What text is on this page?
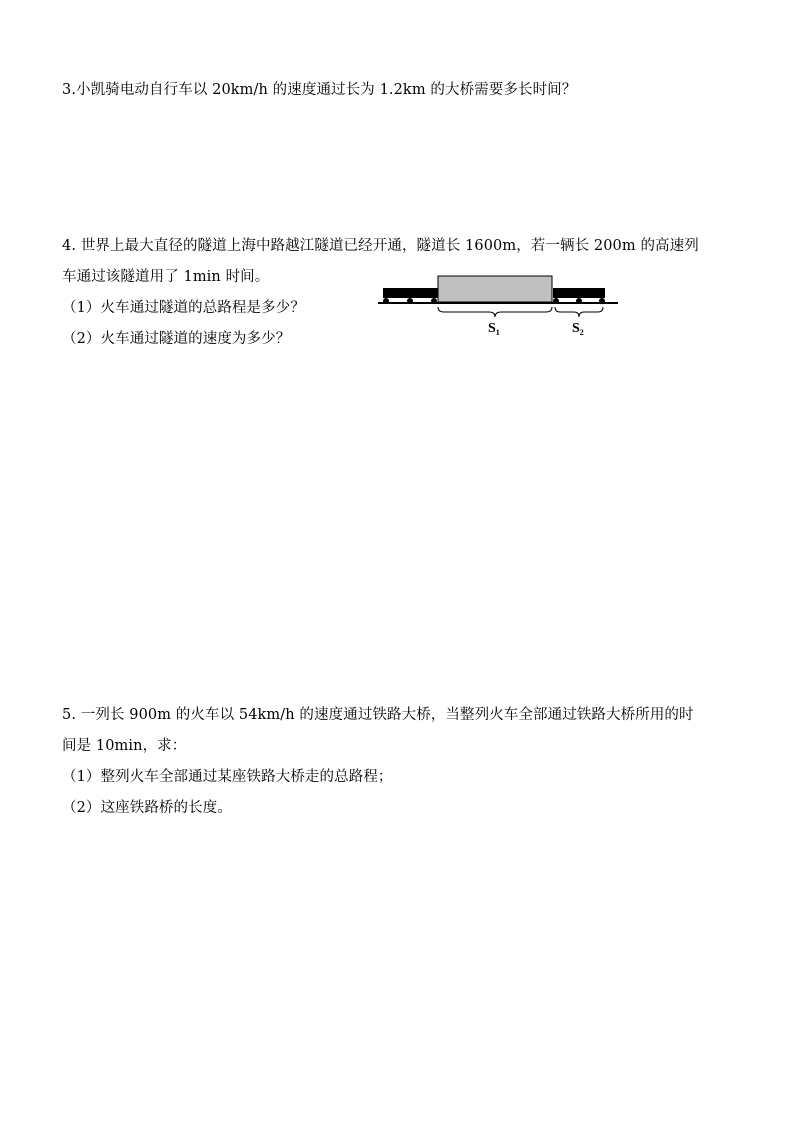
3.小凯骑电动自行车以 20km/h 的速度通过长为 1.2km 的大桥需要多长时间？
4. 世界上最大直径的隧道上海中路越江隧道已经开通，隧道长 1600m，若一辆长 200m 的高速列
车通过该隧道用了 1min 时间。
（1）火车通过隧道的总路程是多少？
（2）火车通过隧道的速度为多少？
$S_1$	$S_2$
5. 一列长 900m 的火车以 54km/h 的速度通过铁路大桥，当整列火车全部通过铁路大桥所用的时
间是 10min，求：
（1）整列火车全部通过某座铁路大桥走的总路程；
（2）这座铁路桥的长度。
